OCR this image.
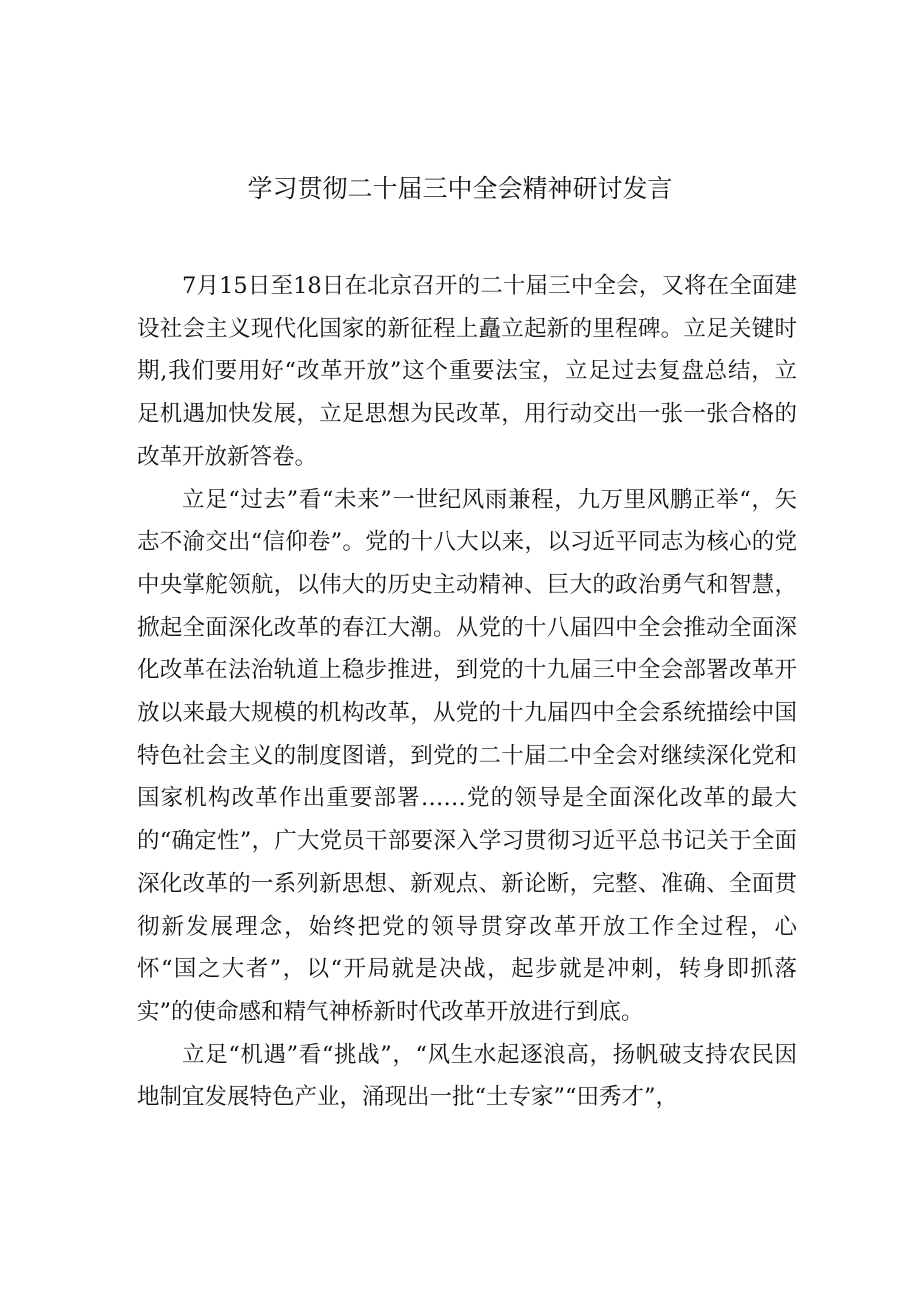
学习贯彻二十届三中全会精神研讨发言

7月15日至18日在北京召开的二十届三中全会，又将在全面建设社会主义现代化国家的新征程上矗立起新的里程碑。立足关键时期,我们要用好“改革开放”这个重要法宝，立足过去复盘总结，立足机遇加快发展，立足思想为民改革，用行动交出一张一张合格的改革开放新答卷。

立足“过去”看“未来”一世纪风雨兼程，九万里风鹏正举“，矢志不渝交出“信仰卷”。党的十八大以来，以习近平同志为核心的党中央掌舵领航，以伟大的历史主动精神、巨大的政治勇气和智慧，掀起全面深化改革的春江大潮。从党的十八届四中全会推动全面深化改革在法治轨道上稳步推进，到党的十九届三中全会部署改革开放以来最大规模的机构改革，从党的十九届四中全会系统描绘中国特色社会主义的制度图谱，到党的二十届二中全会对继续深化党和国家机构改革作出重要部署……党的领导是全面深化改革的最大的“确定性”，广大党员干部要深入学习贯彻习近平总书记关于全面深化改革的一系列新思想、新观点、新论断，完整、准确、全面贯彻新发展理念，始终把党的领导贯穿改革开放工作全过程，心怀“国之大者”，以“开局就是决战，起步就是冲刺，转身即抓落实”的使命感和精气神桥新时代改革开放进行到底。

立足“机遇”看“挑战”，“风生水起逐浪高，扬帆破支持农民因地制宜发展特色产业，涌现出一批“土专家”“田秀才”，
